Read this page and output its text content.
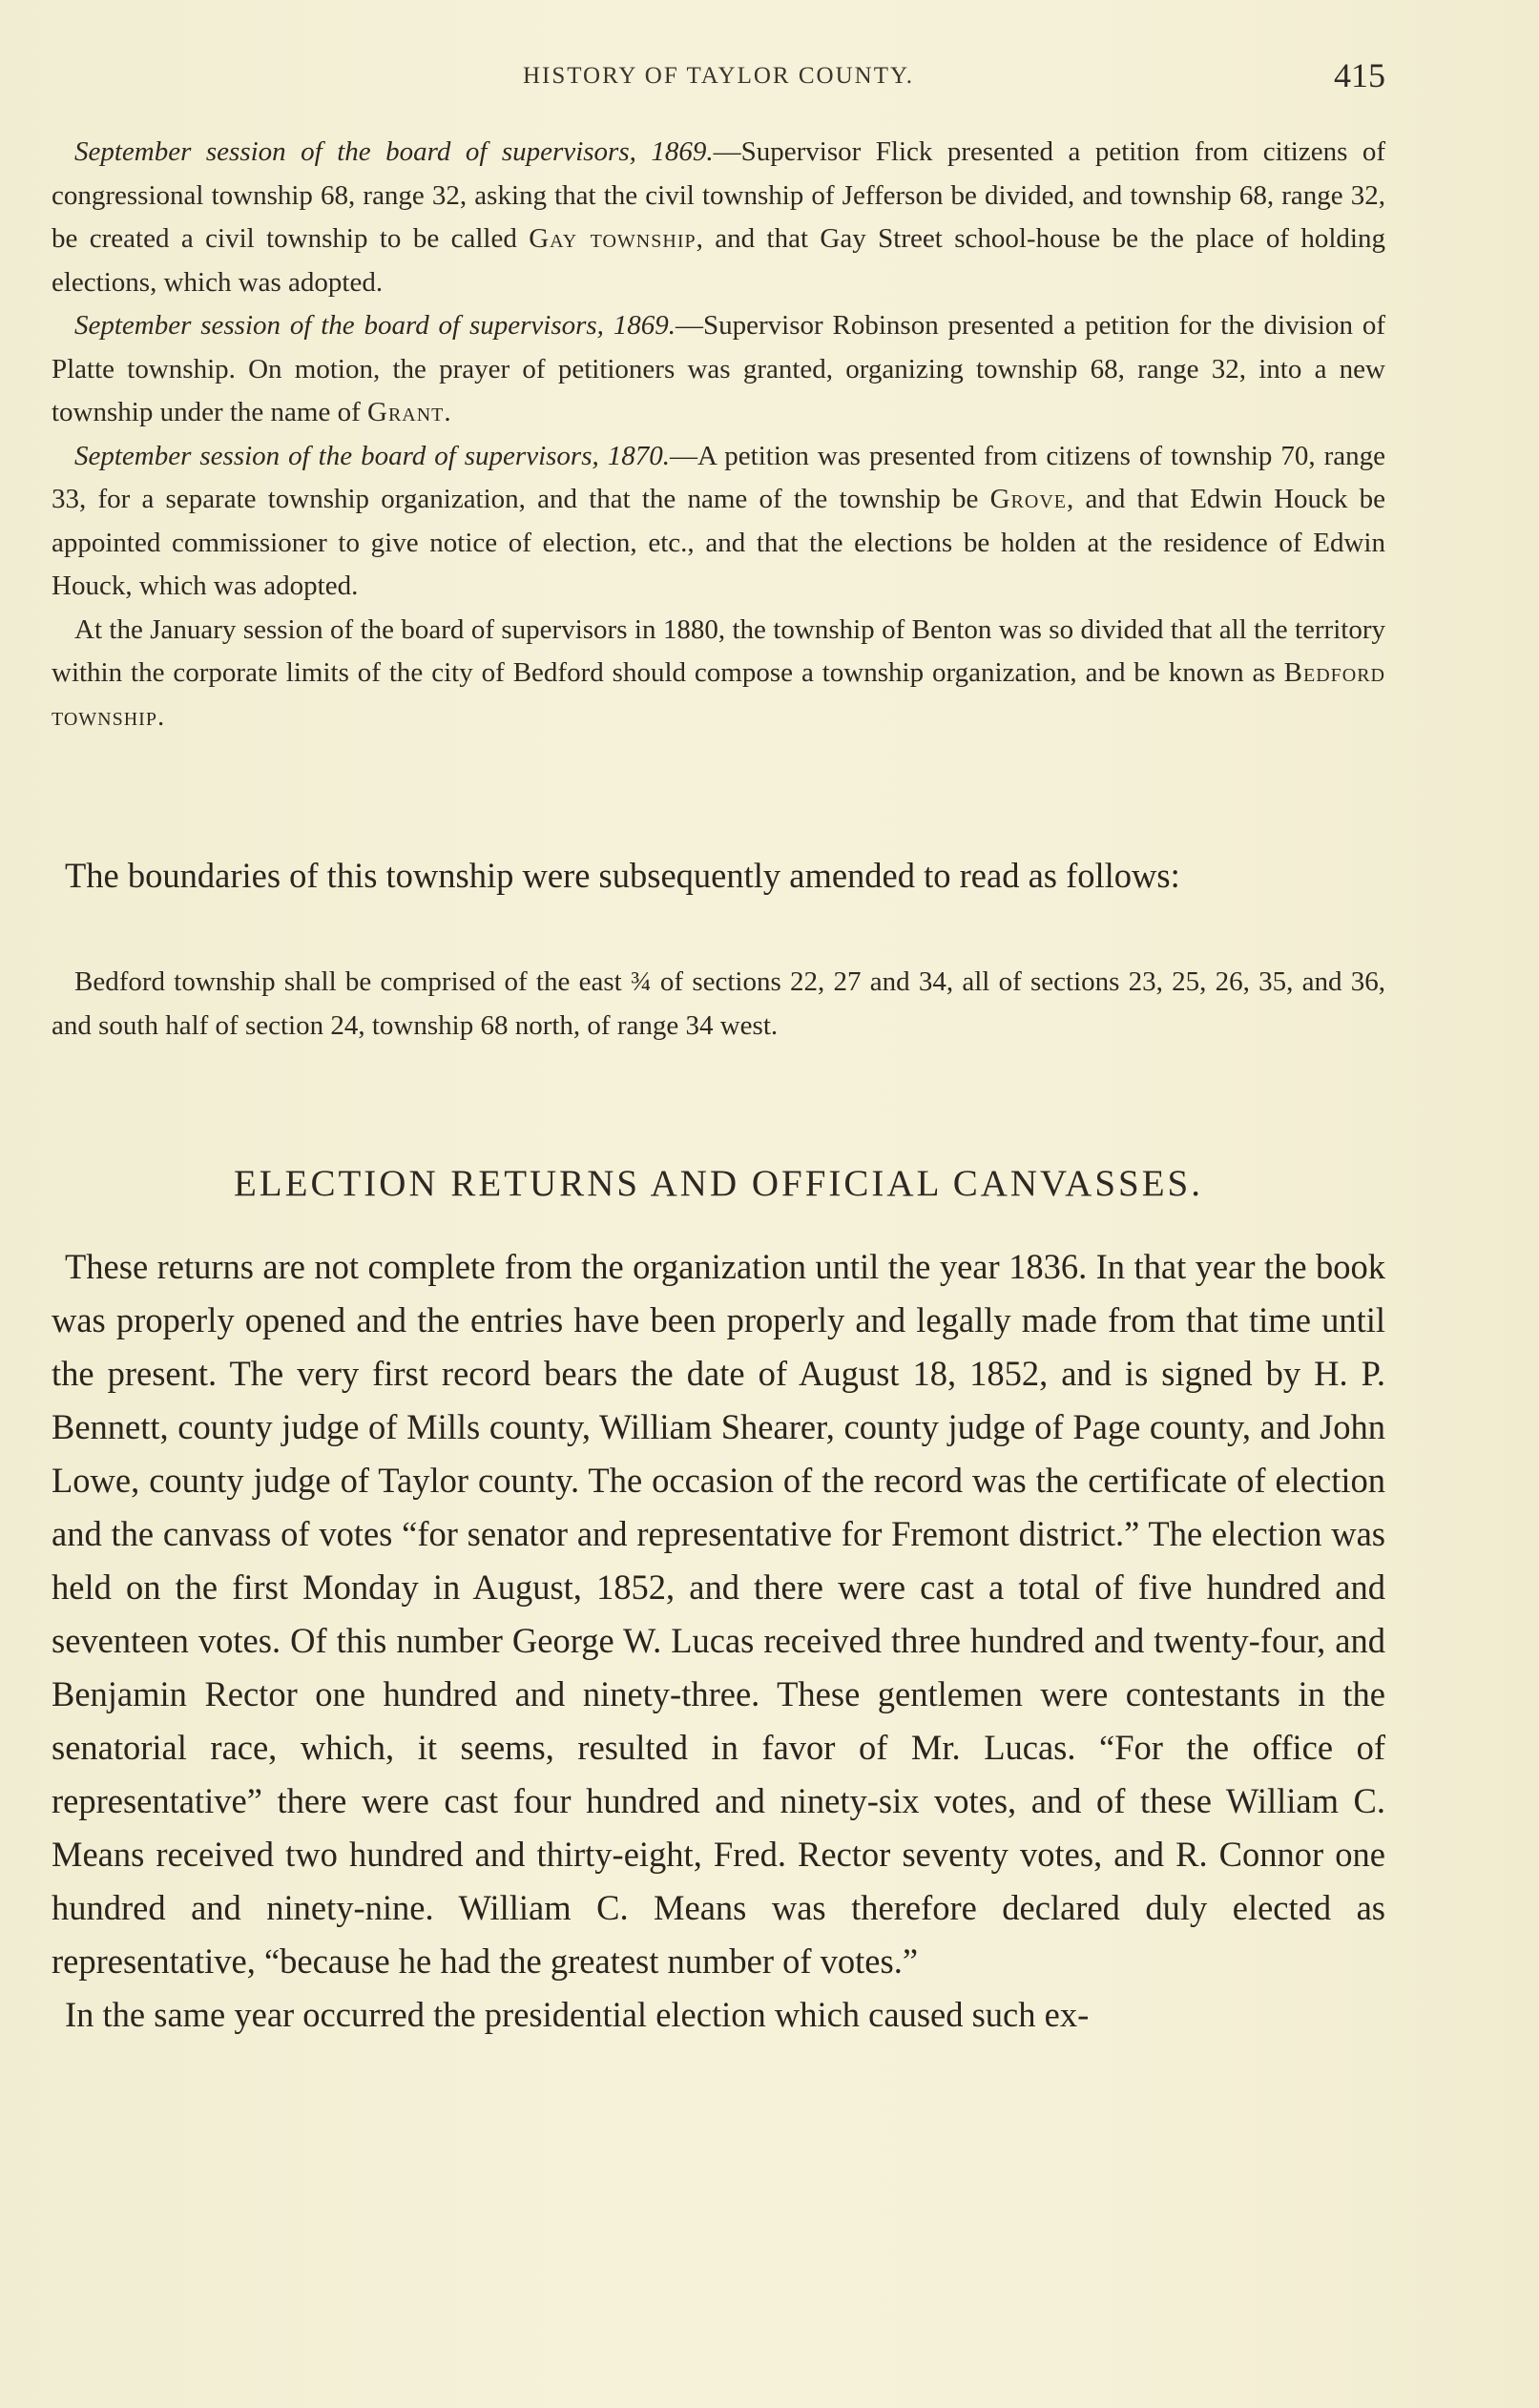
HISTORY OF TAYLOR COUNTY.	415

September session of the board of supervisors, 1869.—Supervisor Flick presented a petition from citizens of congressional township 68, range 32, asking that the civil township of Jefferson be divided, and township 68, range 32, be created a civil township to be called Gay township, and that Gay Street school-house be the place of holding elections, which was adopted.

September session of the board of supervisors, 1869.—Supervisor Robinson presented a petition for the division of Platte township. On motion, the prayer of petitioners was granted, organizing township 68, range 32, into a new township under the name of Grant.

September session of the board of supervisors, 1870.—A petition was presented from citizens of township 70, range 33, for a separate township organization, and that the name of the township be Grove, and that Edwin Houck be appointed commissioner to give notice of election, etc., and that the elections be holden at the residence of Edwin Houck, which was adopted.

At the January session of the board of supervisors in 1880, the township of Benton was so divided that all the territory within the corporate limits of the city of Bedford should compose a township organization, and be known as Bedford township.

The boundaries of this township were subsequently amended to read as follows:

Bedford township shall be comprised of the east ¾ of sections 22, 27 and 34, all of sections 23, 25, 26, 35, and 36, and south half of section 24, township 68 north, of range 34 west.

ELECTION RETURNS AND OFFICIAL CANVASSES.

These returns are not complete from the organization until the year 1836. In that year the book was properly opened and the entries have been properly and legally made from that time until the present. The very first record bears the date of August 18, 1852, and is signed by H. P. Bennett, county judge of Mills county, William Shearer, county judge of Page county, and John Lowe, county judge of Taylor county. The occasion of the record was the certificate of election and the canvass of votes “for senator and representative for Fremont district.” The election was held on the first Monday in August, 1852, and there were cast a total of five hundred and seventeen votes. Of this number George W. Lucas received three hundred and twenty-four, and Benjamin Rector one hundred and ninety-three. These gentlemen were contestants in the senatorial race, which, it seems, resulted in favor of Mr. Lucas. “For the office of representative” there were cast four hundred and ninety-six votes, and of these William C. Means received two hundred and thirty-eight, Fred. Rector seventy votes, and R. Connor one hundred and ninety-nine. William C. Means was therefore declared duly elected as representative, “because he had the greatest number of votes.”

In the same year occurred the presidential election which caused such ex-
